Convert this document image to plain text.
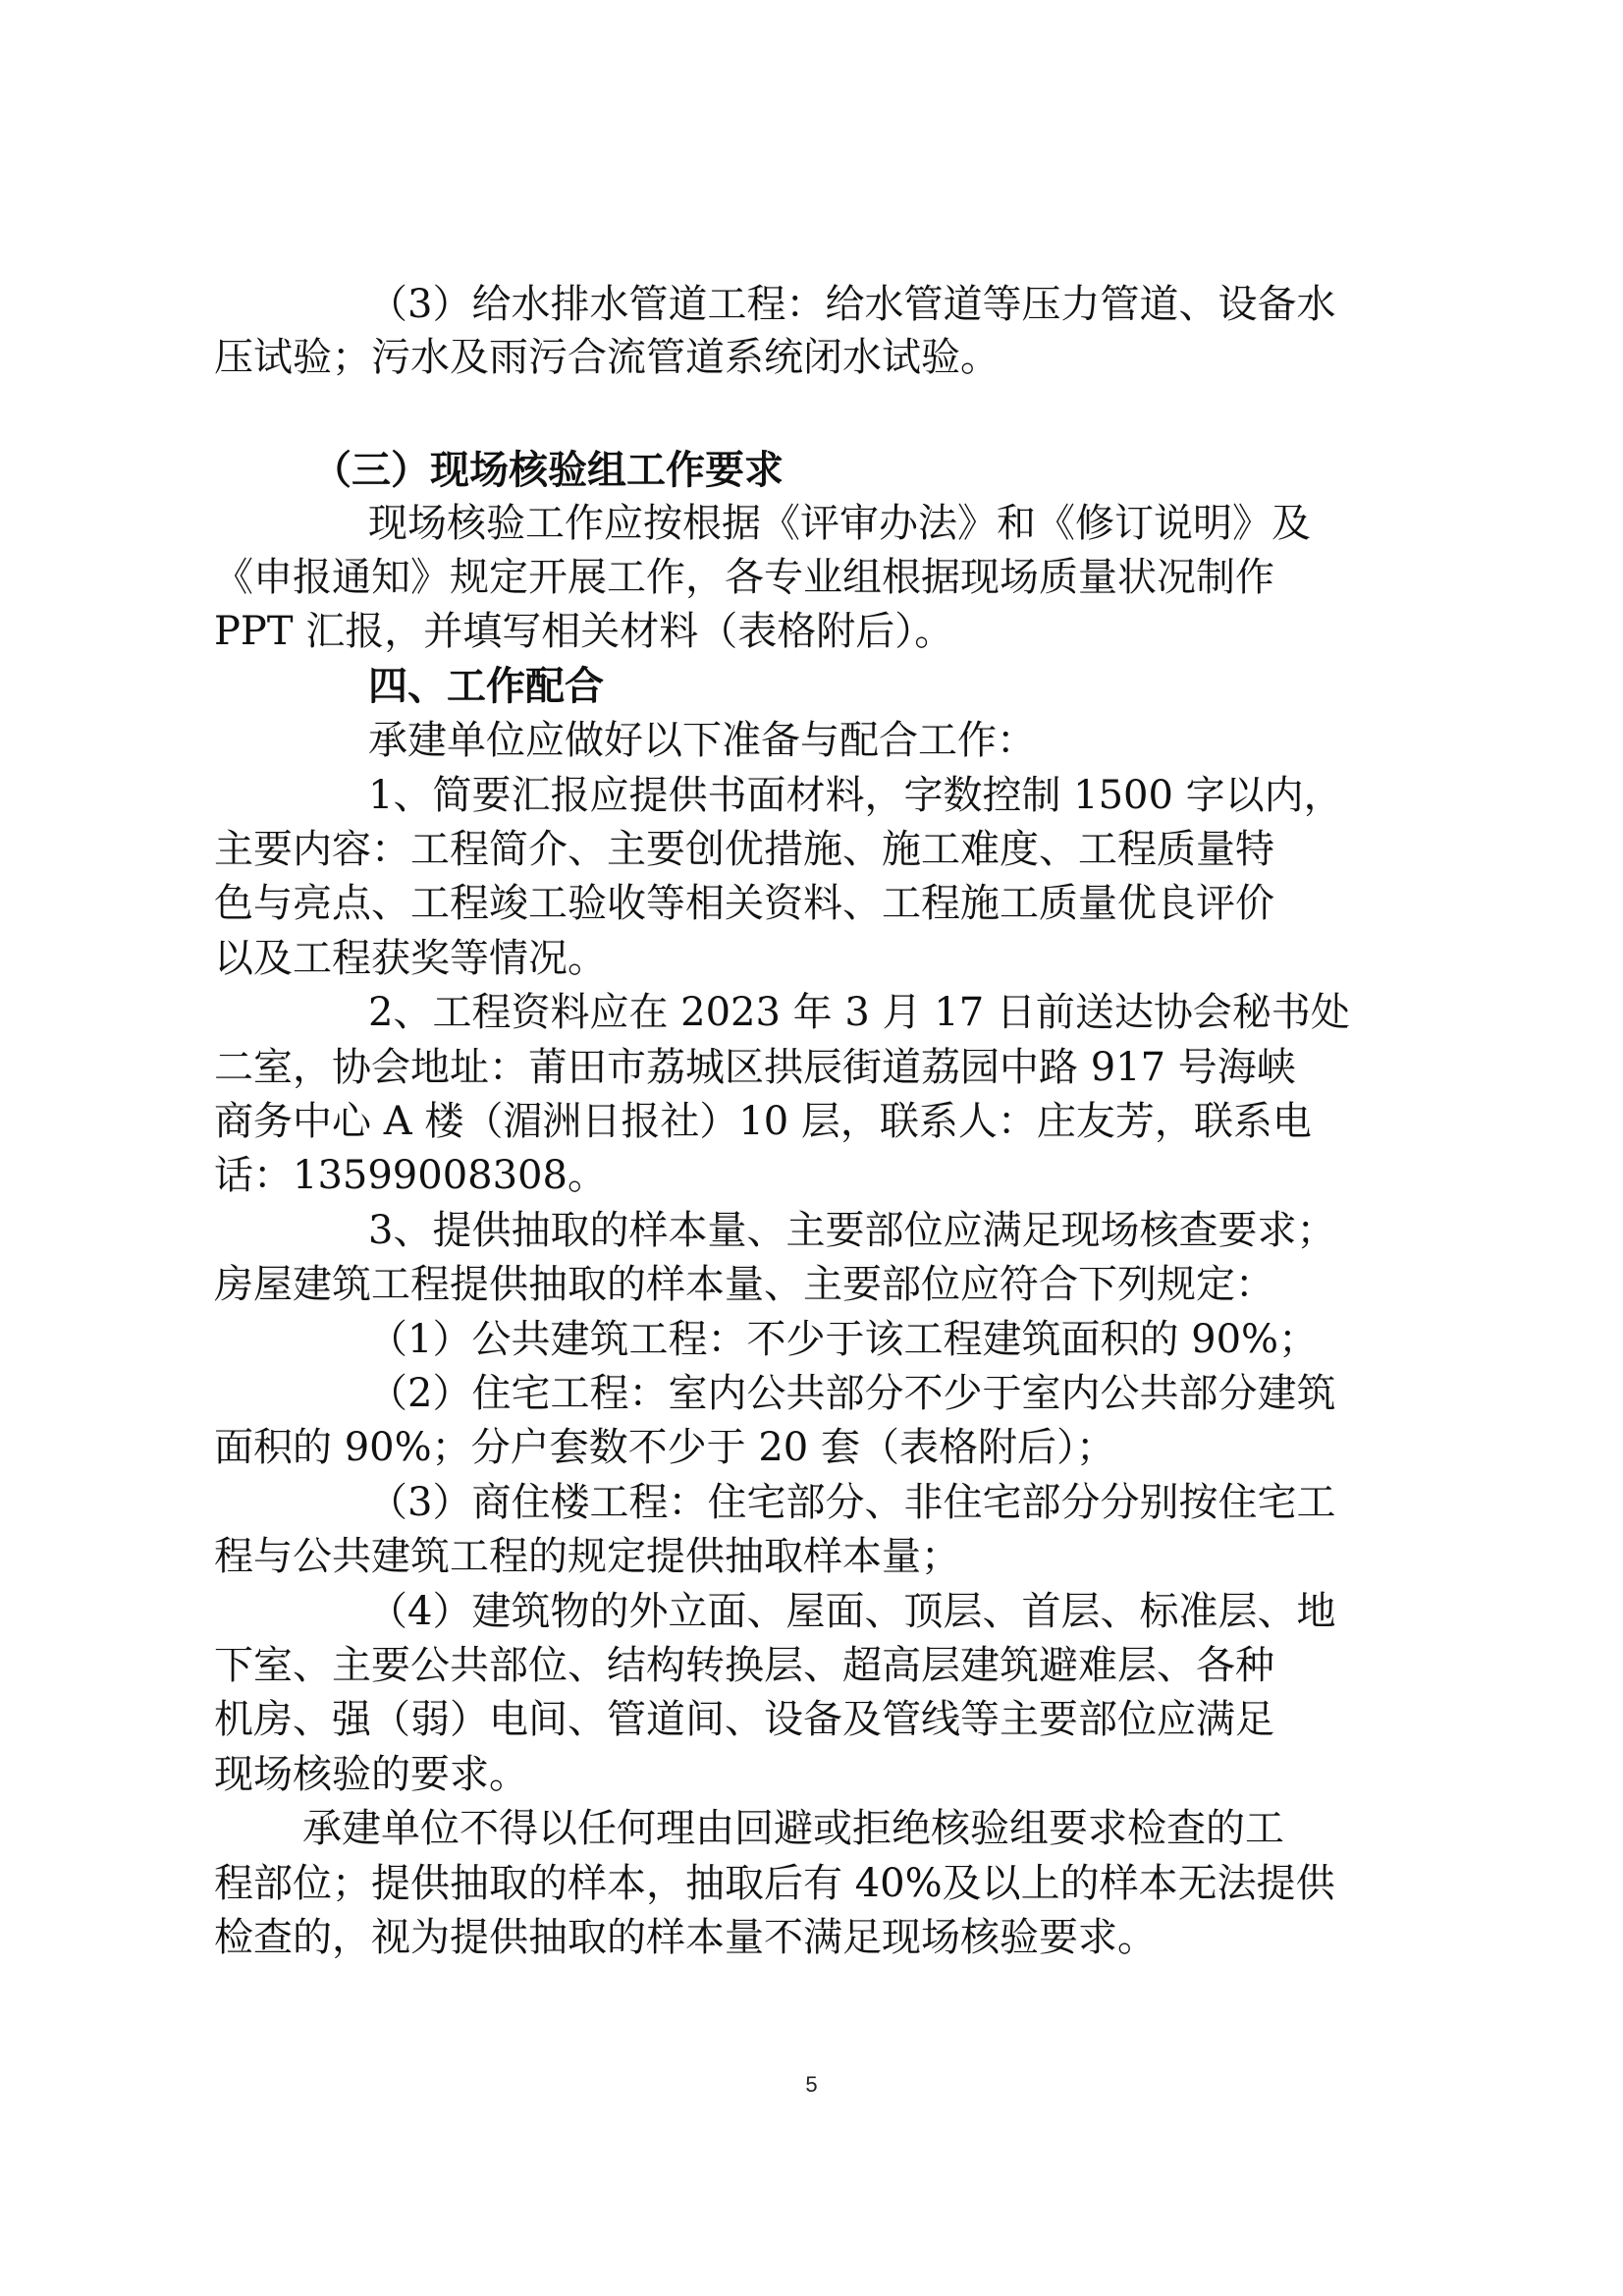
（3）给水排水管道工程：给水管道等压力管道、设备水
压试验；污水及雨污合流管道系统闭水试验。
（三）现场核验组工作要求
现场核验工作应按根据《评审办法》和《修订说明》及
《申报通知》规定开展工作，各专业组根据现场质量状况制作
PPT 汇报，并填写相关材料（表格附后）。
四、工作配合
承建单位应做好以下准备与配合工作：
1、简要汇报应提供书面材料，字数控制 1500 字以内，
主要内容：工程简介、主要创优措施、施工难度、工程质量特
色与亮点、工程竣工验收等相关资料、工程施工质量优良评价
以及工程获奖等情况。
2、工程资料应在 2023 年 3 月 17 日前送达协会秘书处
二室，协会地址：莆田市荔城区拱辰街道荔园中路 917 号海峡
商务中心 A 楼（湄洲日报社）10 层，联系人：庄友芳，联系电
话：13599008308。
3、提供抽取的样本量、主要部位应满足现场核查要求；
房屋建筑工程提供抽取的样本量、主要部位应符合下列规定：
（1）公共建筑工程：不少于该工程建筑面积的 90%；
（2）住宅工程：室内公共部分不少于室内公共部分建筑
面积的 90%；分户套数不少于 20 套（表格附后）；
（3）商住楼工程：住宅部分、非住宅部分分别按住宅工
程与公共建筑工程的规定提供抽取样本量；
（4）建筑物的外立面、屋面、顶层、首层、标准层、地
下室、主要公共部位、结构转换层、超高层建筑避难层、各种
机房、强（弱）电间、管道间、设备及管线等主要部位应满足
现场核验的要求。
承建单位不得以任何理由回避或拒绝核验组要求检查的工
程部位；提供抽取的样本，抽取后有 40%及以上的样本无法提供
检查的，视为提供抽取的样本量不满足现场核验要求。
5
